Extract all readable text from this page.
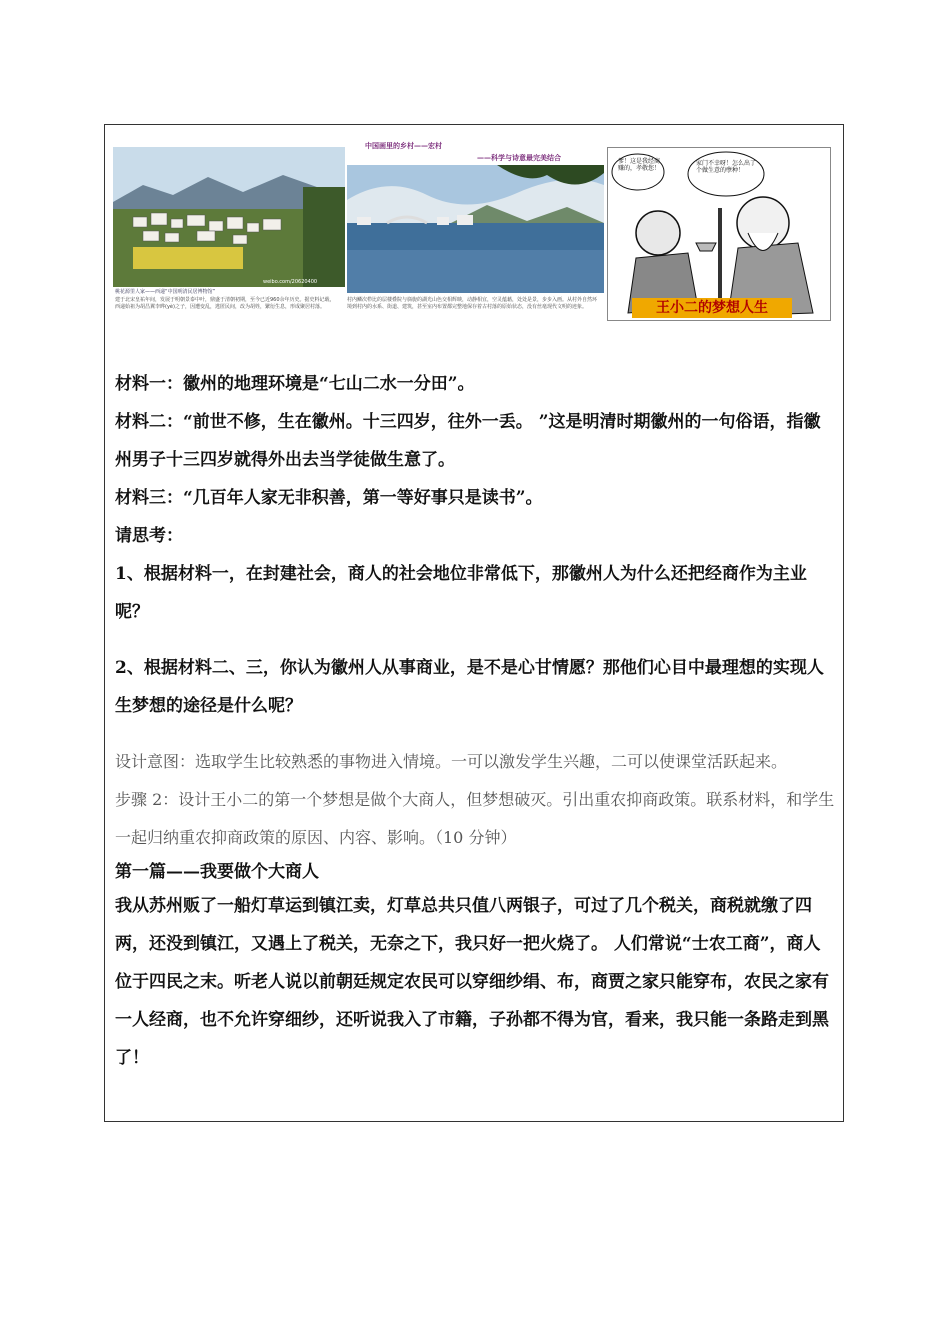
桃花源里人家——西递“中国明清民居博物馆”
建于北宋皇祐年间，发展于明朝景泰中叶，鼎盛于清朝初期，至今已近960余年历史。据史料记载，西递始祖为胡昌翼李晔(yè)之子，因遭变乱，逃匿民间，改为胡姓，繁衍生息，形成聚居村落。
weibo.com/20620400
中国画里的乡村——宏村
——科学与诗意最完美结合
村内鳞次栉比的层楼叠院与旖旎的湖光山色交相辉映，动静相宜，空灵蕴藉，处处是景，步步入画。从村外自然环境到村内的水系、街道、建筑，甚至室内布置都完整地保存着古村落的原始状态，没有丝毫现代文明的迹象。
爹！这是我经商赚的，孝敬您！
家门不幸呀！怎么出了个做生意的孽种！
王小二的梦想人生

材料一：徽州的地理环境是“七山二水一分田”。

材料二：“前世不修，生在徽州。十三四岁，往外一丢。 ”这是明清时期徽州的一句俗语，指徽州男子十三四岁就得外出去当学徒做生意了。

材料三：“几百年人家无非积善，第一等好事只是读书”。

请思考：

1、根据材料一，在封建社会，商人的社会地位非常低下，那徽州人为什么还把经商作为主业呢？

2、根据材料二、三，你认为徽州人从事商业，是不是心甘情愿？那他们心目中最理想的实现人生梦想的途径是什么呢？

设计意图：选取学生比较熟悉的事物进入情境。一可以激发学生兴趣，二可以使课堂活跃起来。

步骤 2：设计王小二的第一个梦想是做个大商人，但梦想破灭。引出重农抑商政策。联系材料，和学生一起归纳重农抑商政策的原因、内容、影响。（10 分钟）

第一篇——我要做个大商人

我从苏州贩了一船灯草运到镇江卖，灯草总共只值八两银子，可过了几个税关，商税就缴了四两，还没到镇江，又遇上了税关，无奈之下，我只好一把火烧了。 人们常说“士农工商”，商人位于四民之末。听老人说以前朝廷规定农民可以穿细纱绢、布，商贾之家只能穿布，农民之家有一人经商，也不允许穿细纱，还听说我入了市籍，子孙都不得为官，看来，我只能一条路走到黑了！
